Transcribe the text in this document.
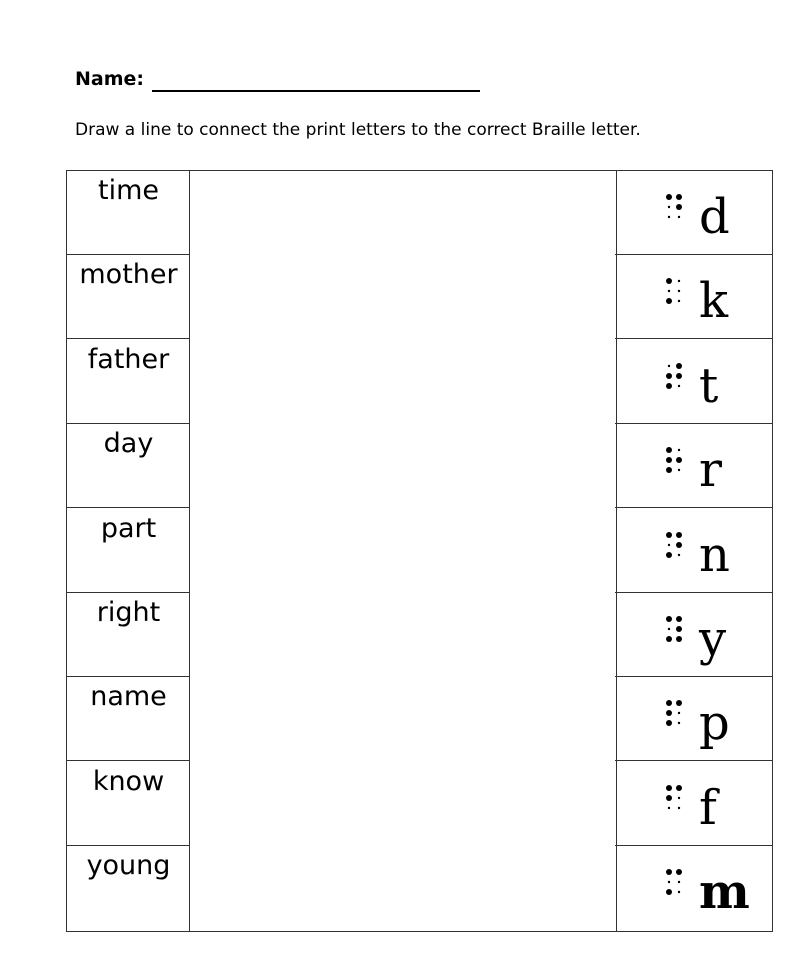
Name:
Draw a line to connect the print letters to the correct Braille letter.
time
mother
father
day
part
right
name
know
young
d
k
t
r
n
y
p
f
m
